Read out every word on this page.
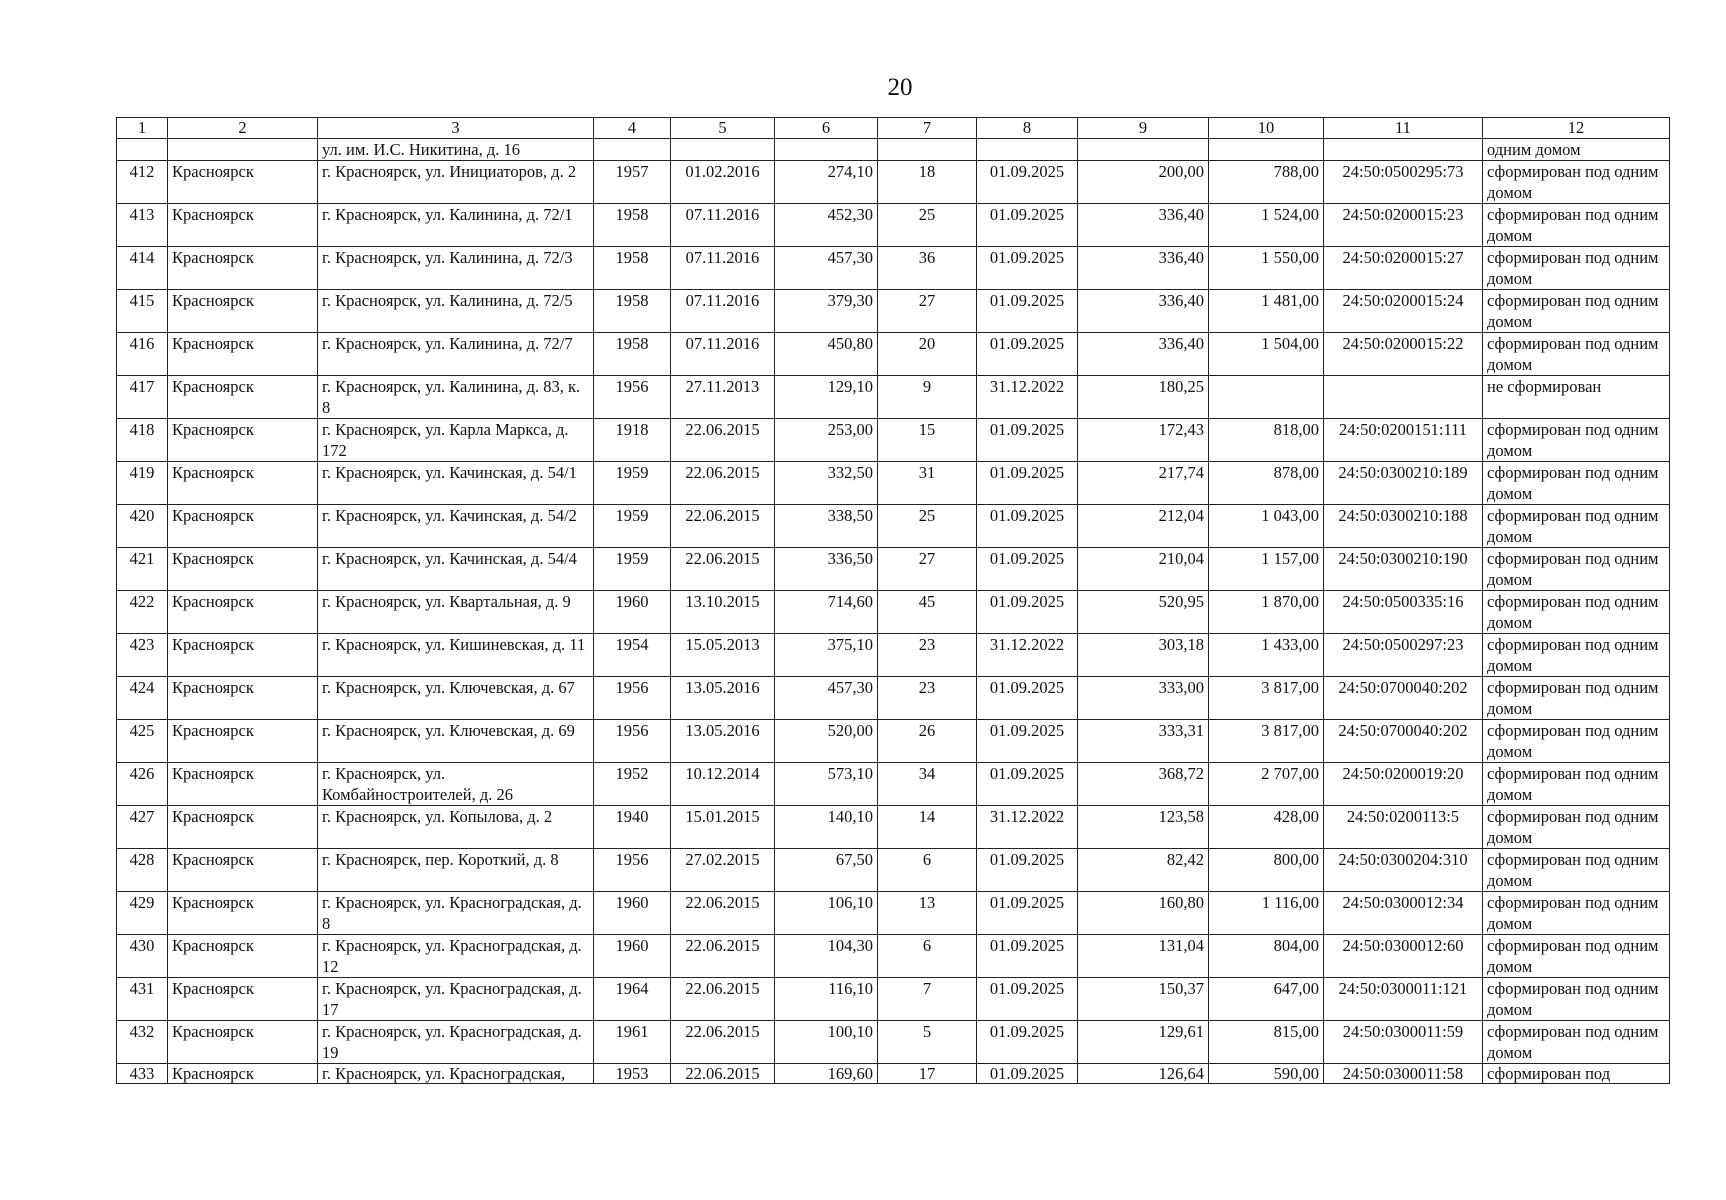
20
1	2	3	4	5	6	7	8	9	10	11	12
		ул. им. И.С. Никитина, д. 16									одним домом
412	Красноярск	г. Красноярск, ул. Инициаторов, д. 2	1957	01.02.2016	274,10	18	01.09.2025	200,00	788,00	24:50:0500295:73	сформирован под одним домом
413	Красноярск	г. Красноярск, ул. Калинина, д. 72/1	1958	07.11.2016	452,30	25	01.09.2025	336,40	1 524,00	24:50:0200015:23	сформирован под одним домом
414	Красноярск	г. Красноярск, ул. Калинина, д. 72/3	1958	07.11.2016	457,30	36	01.09.2025	336,40	1 550,00	24:50:0200015:27	сформирован под одним домом
415	Красноярск	г. Красноярск, ул. Калинина, д. 72/5	1958	07.11.2016	379,30	27	01.09.2025	336,40	1 481,00	24:50:0200015:24	сформирован под одним домом
416	Красноярск	г. Красноярск, ул. Калинина, д. 72/7	1958	07.11.2016	450,80	20	01.09.2025	336,40	1 504,00	24:50:0200015:22	сформирован под одним домом
417	Красноярск	г. Красноярск, ул. Калинина, д. 83, к. 8	1956	27.11.2013	129,10	9	31.12.2022	180,25			не сформирован
418	Красноярск	г. Красноярск, ул. Карла Маркса, д. 172	1918	22.06.2015	253,00	15	01.09.2025	172,43	818,00	24:50:0200151:111	сформирован под одним домом
419	Красноярск	г. Красноярск, ул. Качинская, д. 54/1	1959	22.06.2015	332,50	31	01.09.2025	217,74	878,00	24:50:0300210:189	сформирован под одним домом
420	Красноярск	г. Красноярск, ул. Качинская, д. 54/2	1959	22.06.2015	338,50	25	01.09.2025	212,04	1 043,00	24:50:0300210:188	сформирован под одним домом
421	Красноярск	г. Красноярск, ул. Качинская, д. 54/4	1959	22.06.2015	336,50	27	01.09.2025	210,04	1 157,00	24:50:0300210:190	сформирован под одним домом
422	Красноярск	г. Красноярск, ул. Квартальная, д. 9	1960	13.10.2015	714,60	45	01.09.2025	520,95	1 870,00	24:50:0500335:16	сформирован под одним домом
423	Красноярск	г. Красноярск, ул. Кишиневская, д. 11	1954	15.05.2013	375,10	23	31.12.2022	303,18	1 433,00	24:50:0500297:23	сформирован под одним домом
424	Красноярск	г. Красноярск, ул. Ключевская, д. 67	1956	13.05.2016	457,30	23	01.09.2025	333,00	3 817,00	24:50:0700040:202	сформирован под одним домом
425	Красноярск	г. Красноярск, ул. Ключевская, д. 69	1956	13.05.2016	520,00	26	01.09.2025	333,31	3 817,00	24:50:0700040:202	сформирован под одним домом
426	Красноярск	г. Красноярск, ул. Комбайностроителей, д. 26	1952	10.12.2014	573,10	34	01.09.2025	368,72	2 707,00	24:50:0200019:20	сформирован под одним домом
427	Красноярск	г. Красноярск, ул. Копылова, д. 2	1940	15.01.2015	140,10	14	31.12.2022	123,58	428,00	24:50:0200113:5	сформирован под одним домом
428	Красноярск	г. Красноярск, пер. Короткий, д. 8	1956	27.02.2015	67,50	6	01.09.2025	82,42	800,00	24:50:0300204:310	сформирован под одним домом
429	Красноярск	г. Красноярск, ул. Красноградская, д. 8	1960	22.06.2015	106,10	13	01.09.2025	160,80	1 116,00	24:50:0300012:34	сформирован под одним домом
430	Красноярск	г. Красноярск, ул. Красноградская, д. 12	1960	22.06.2015	104,30	6	01.09.2025	131,04	804,00	24:50:0300012:60	сформирован под одним домом
431	Красноярск	г. Красноярск, ул. Красноградская, д. 17	1964	22.06.2015	116,10	7	01.09.2025	150,37	647,00	24:50:0300011:121	сформирован под одним домом
432	Красноярск	г. Красноярск, ул. Красноградская, д. 19	1961	22.06.2015	100,10	5	01.09.2025	129,61	815,00	24:50:0300011:59	сформирован под одним домом
433	Красноярск	г. Красноярск, ул. Красноградская,	1953	22.06.2015	169,60	17	01.09.2025	126,64	590,00	24:50:0300011:58	сформирован под
